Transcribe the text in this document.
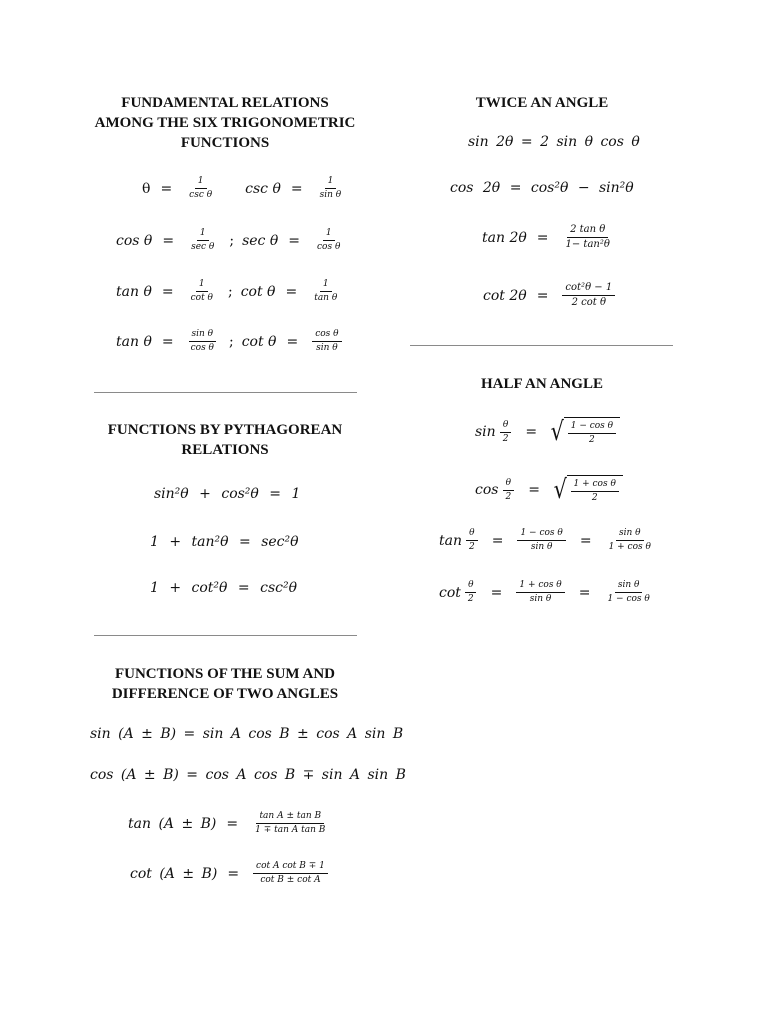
FUNDAMENTAL RELATIONS
AMONG THE SIX TRIGONOMETRIC
FUNCTIONS
$\theta = \frac{1}{\text{csc θ}}$ $\csc \theta = \frac{1}{\text{sin θ}}$
$\cos \theta = \frac{1}{\text{sec θ}}$ ; $\sec \theta = \frac{1}{\text{cos θ}}$
$\tan \theta = \frac{1}{\text{cot θ}}$ ; $\cot \theta = \frac{1}{\text{tan θ}}$
$\tan \theta = \frac{\text{sin θ}}{\text{cos θ}}$ ; $\cot \theta = \frac{\text{cos θ}}{\text{sin θ}}$
FUNCTIONS BY PYTHAGOREAN
RELATIONS
sin²θ + cos²θ = 1
1 + tan²θ = sec²θ
1 + cot²θ = csc²θ
FUNCTIONS OF THE SUM AND
DIFFERENCE OF TWO ANGLES
sin (A ± B) = sin A cos B ± cos A sin B
cos (A ± B) = cos A cos B ∓ sin A sin B
$\tan (A \pm B) = \frac{\text{tan A ± tan B}}{\text{1 ∓ tan A tan B}}$
$\cot (A \pm B) = \frac{\text{cot A cot B ∓ 1}}{\text{cot B ± cot A}}$
TWICE AN ANGLE
sin 2θ = 2 sin θ cos θ
cos 2θ = cos²θ − sin²θ
$\tan 2\theta = \frac{\text{2 tan θ}}{\text{1− tan²θ}}$
$\cot 2\theta = \frac{\text{cot²θ − 1}}{\text{2 cot θ}}$
HALF AN ANGLE
$\sin \frac{\theta}{2}$ = √ $\frac{\text{1 − cos θ}}{2}$
$\cos \frac{\theta}{2}$ = √ $\frac{\text{1 + cos θ}}{2}$
$\tan \frac{\theta}{2} = \frac{\text{1 − cos θ}}{\text{sin θ}} = \frac{\text{sin θ}}{\text{1 + cos θ}}$
$\cot \frac{\theta}{2} = \frac{\text{1 + cos θ}}{\text{sin θ}} = \frac{\text{sin θ}}{\text{1 − cos θ}}$
